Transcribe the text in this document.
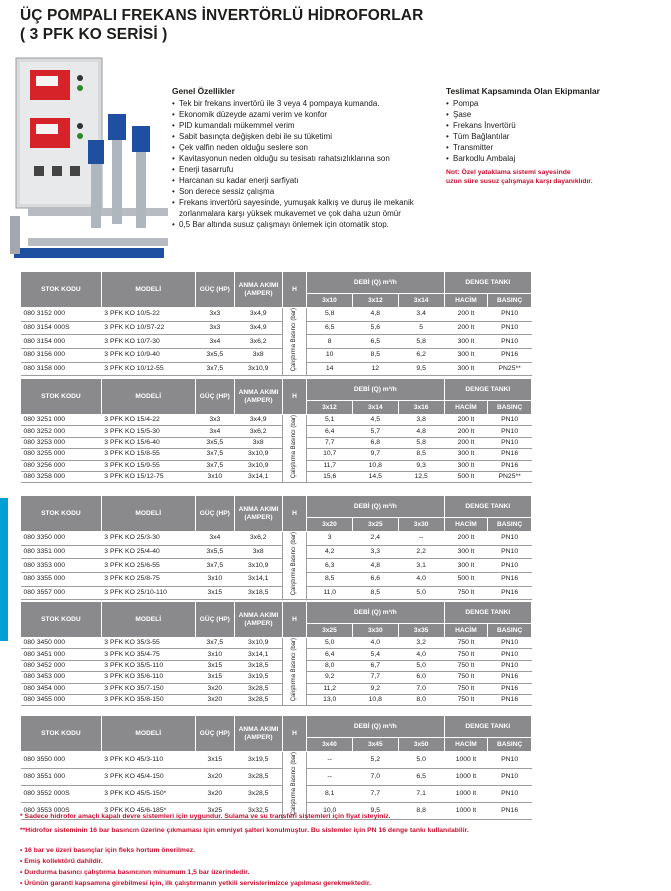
ÜÇ POMPALI FREKANS İNVERTÖRLÜ HİDROFORLAR
( 3 PFK KO SERİSİ )
Genel Özellikler
• Tek bir frekans invertörü ile 3 veya 4 pompaya kumanda.
• Ekonomik düzeyde azami verim ve konfor
• PID kumandalı mükemmel verim
• Sabit basınçta değişken debi ile su tüketimi
• Çek valfin neden olduğu seslere son
• Kavitasyonun neden olduğu su tesisatı rahatsızlıklarına son
• Enerji tasarrufu
• Harcanan su kadar enerji sarfiyatı
• Son derece sessiz çalışma
• Frekans invertörü sayesinde, yumuşak kalkış ve duruş ile mekanik zorlanmalara karşı yüksek mukavemet ve çok daha uzun ömür
• 0,5 Bar altında susuz çalışmayı önlemek için otomatik stop.
Teslimat Kapsamında Olan Ekipmanlar
• Pompa
• Şase
• Frekans İnvertörü
• Tüm Bağlantılar
• Transmitter
• Barkodlu Ambalaj
Not: Özel yataklama sistemi sayesinde
uzun süre susuz çalışmaya karşı dayanıklıdır.
STOK KODU	MODELİ	GÜÇ (HP)	ANMA AKIMI (AMPER)	H	DEBİ (Q) m³/h			DENGE TANKI	
					3x10	3x12	3x14	HACİM	BASINÇ
080 3152 000	3 PFK KO 10/5-22	3x3	3x4,9	Çalıştırma Basıncı (bar)	5,8	4,8	3,4	200 lt	PN10
080 3154 000S	3 PFK KO 10/S7-22	3x3	3x4,9		6,5	5,6	5	200 lt	PN10
080 3154 000	3 PFK KO 10/7-30	3x4	3x6,2		8	6,5	5,8	300 lt	PN10
080 3156 000	3 PFK KO 10/9-40	3x5,5	3x8		10	8,5	6,2	300 lt	PN16
080 3158 000	3 PFK KO 10/12-55	3x7,5	3x10,9		14	12	9,5	300 lt	PN25**
STOK KODU	MODELİ	GÜÇ (HP)	ANMA AKIMI (AMPER)	H	DEBİ (Q) m³/h			DENGE TANKI	
					3x12	3x14	3x16	HACİM	BASINÇ
080 3251 000	3 PFK KO 15/4-22	3x3	3x4,9	Çalıştırma Basıncı (bar)	5,1	4,5	3,8	200 lt	PN10
080 3252 000	3 PFK KO 15/5-30	3x4	3x6,2		6,4	5,7	4,8	200 lt	PN10
080 3253 000	3 PFK KO 15/6-40	3x5,5	3x8		7,7	6,8	5,8	200 lt	PN10
080 3255 000	3 PFK KO 15/8-55	3x7,5	3x10,9		10,7	9,7	8,5	300 lt	PN16
080 3256 000	3 PFK KO 15/9-55	3x7,5	3x10,9		11,7	10,8	9,3	300 lt	PN16
080 3258 000	3 PFK KO 15/12-75	3x10	3x14,1		15,6	14,5	12,5	500 lt	PN25**
STOK KODU	MODELİ	GÜÇ (HP)	ANMA AKIMI (AMPER)	H	DEBİ (Q) m³/h			DENGE TANKI	
					3x20	3x25	3x30	HACİM	BASINÇ
080 3350 000	3 PFK KO 25/3-30	3x4	3x6,2	Çalıştırma Basıncı (bar)	3	2,4	--	200 lt	PN10
080 3351 000	3 PFK KO 25/4-40	3x5,5	3x8		4,2	3,3	2,2	300 lt	PN10
080 3353 000	3 PFK KO 25/6-55	3x7,5	3x10,9		6,3	4,8	3,1	300 lt	PN10
080 3355 000	3 PFK KO 25/8-75	3x10	3x14,1		8,5	6,6	4,0	500 lt	PN16
080 3557 000	3 PFK KO 25/10-110	3x15	3x18,5		11,0	8,5	5,0	750 lt	PN16
STOK KODU	MODELİ	GÜÇ (HP)	ANMA AKIMI (AMPER)	H	DEBİ (Q) m³/h			DENGE TANKI	
					3x25	3x30	3x35	HACİM	BASINÇ
080 3450 000	3 PFK KO 35/3-55	3x7,5	3x10,9	Çalıştırma Basıncı (bar)	5,0	4,0	3,2	750 lt	PN10
080 3451 000	3 PFK KO 35/4-75	3x10	3x14,1		6,4	5,4	4,0	750 lt	PN10
080 3452 000	3 PFK KO 35/5-110	3x15	3x18,5		8,0	6,7	5,0	750 lt	PN10
080 3453 000	3 PFK KO 35/6-110	3x15	3x19,5		9,2	7,7	6,0	750 lt	PN16
080 3454 000	3 PFK KO 35/7-150	3x20	3x28,5		11,2	9,2	7,0	750 lt	PN16
080 3455 000	3 PFK KO 35/8-150	3x20	3x28,5		13,0	10,8	8,0	750 lt	PN16
STOK KODU	MODELİ	GÜÇ (HP)	ANMA AKIMI (AMPER)	H	DEBİ (Q) m³/h			DENGE TANKI	
					3x40	3x45	3x50	HACİM	BASINÇ
080 3550 000	3 PFK KO 45/3-110	3x15	3x19,5	Çalıştırma Basıncı (bar)	--	5,2	5,0	1000 lt	PN10
080 3551 000	3 PFK KO 45/4-150	3x20	3x28,5		--	7,0	6,5	1000 lt	PN10
080 3552 000S	3 PFK KO 45/5-150*	3x20	3x28,5		8,1	7,7	7,1	1000 lt	PN10
080 3553 000S	3 PFK KO 45/6-185*	3x25	3x32,5		10,0	9,5	8,8	1000 lt	PN16
* Sadece hidrofor amaçlı kapalı devre sistemleri için uygundur. Sulama ve su transferi sistemleri için fiyat isteyiniz.
**Hidrofor sisteminin 16 bar basıncın üzerine çıkmaması için emniyet şalteri konulmuştur. Bu sistemler için PN 16 denge tankı kullanılabilir.
• 16 bar ve üzeri basınçlar için fleks hortum önerilmez.
• Emiş kollektörü dahildir.
• Durdurma basıncı çalıştırma basıncının minumum 1,5 bar üzerindedir.
• Ürünün garanti kapsamına girebilmesi için, ilk çalıştırmanın yetkili servislerimizce yapılması gerekmektedir.
